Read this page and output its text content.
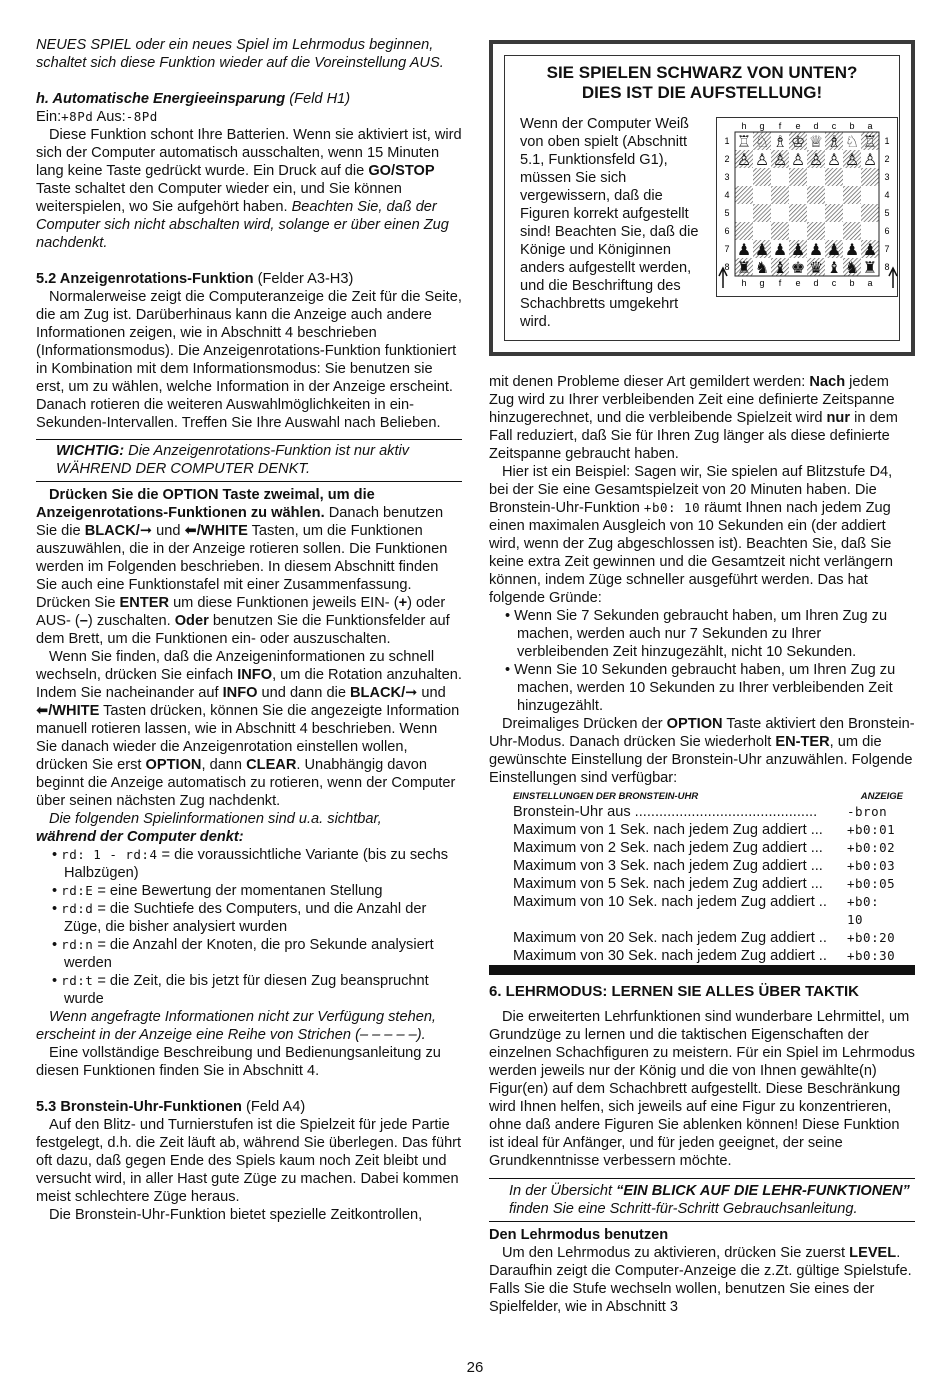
NEUES SPIEL oder ein neues Spiel im Lehrmodus beginnen, schaltet sich diese Funktion wieder auf die Voreinstellung AUS.

h. Automatische Energieeinsparung (Feld H1)

Ein:+8Pd Aus:-8Pd

Diese Funktion schont Ihre Batterien. Wenn sie aktiviert ist, wird sich der Computer automatisch ausschalten, wenn 15 Minuten lang keine Taste gedrückt wurde. Ein Druck auf die GO/STOP Taste schaltet den Computer wieder ein, und Sie können weiterspielen, wo Sie aufgehört haben. Beachten Sie, daß der Computer sich nicht abschalten wird, solange er über einen Zug nachdenkt.

5.2 Anzeigenrotations-Funktion (Felder A3-H3)

Normalerweise zeigt die Computeranzeige die Zeit für die Seite, die am Zug ist. Darüberhinaus kann die Anzeige auch andere Informationen zeigen, wie in Abschnitt 4 beschrieben (Informationsmodus). Die Anzeigenrotations-Funktion funktioniert in Kombination mit dem Informationsmodus: Sie benutzen sie erst, um zu wählen, welche Information in der Anzeige erscheint. Danach rotieren die weiteren Auswahlmöglichkeiten in ein-Sekunden-Intervallen. Treffen Sie Ihre Auswahl nach Belieben.

WICHTIG: Die Anzeigenrotations-Funktion ist nur aktiv WÄHREND DER COMPUTER DENKT.

Drücken Sie die OPTION Taste zweimal, um die Anzeigenrotations-Funktionen zu wählen. Danach benutzen Sie die BLACK/➞ und ⬅/WHITE Tasten, um die Funktionen auszuwählen, die in der Anzeige rotieren sollen. Die Funktionen werden im Folgenden beschrieben. In diesem Abschnitt finden Sie auch eine Funktionstafel mit einer Zusammenfassung. Drücken Sie ENTER um diese Funktionen jeweils EIN- (+) oder AUS- (–) zuschalten. Oder benutzen Sie die Funktionsfelder auf dem Brett, um die Funktionen ein- oder auszuschalten.

Wenn Sie finden, daß die Anzeigeninformationen zu schnell wechseln, drücken Sie einfach INFO, um die Rotation anzuhalten. Indem Sie nacheinander auf INFO und dann die BLACK/➞ und ⬅/WHITE Tasten drücken, können Sie die angezeigte Information manuell rotieren lassen, wie in Abschnitt 4 beschrieben. Wenn Sie danach wieder die Anzeigenrotation einstellen wollen, drücken Sie erst OPTION, dann CLEAR. Unabhängig davon beginnt die Anzeige automatisch zu rotieren, wenn der Computer über seinen nächsten Zug nachdenkt.

Die folgenden Spielinformationen sind u.a. sichtbar,
während der Computer denkt:

• rd: 1 - rd:4 = die voraussichtliche Variante (bis zu sechs Halbzügen)

• rd:E = eine Bewertung der momentanen Stellung

• rd:d = die Suchtiefe des Computers, und die Anzahl der Züge, die bisher analysiert wurden

• rd:n = die Anzahl der Knoten, die pro Sekunde analysiert werden

• rd:t = die Zeit, die bis jetzt für diesen Zug beanspruchnt wurde

Wenn angefragte Informationen nicht zur Verfügung stehen, erscheint in der Anzeige eine Reihe von Strichen (– – – – –).

Eine vollständige Beschreibung und Bedienungsanleitung zu diesen Funktionen finden Sie in Abschnitt 4.

5.3 Bronstein-Uhr-Funktionen (Feld A4)

Auf den Blitz- und Turnierstufen ist die Spielzeit für jede Partie festgelegt, d.h. die Zeit läuft ab, während Sie überlegen. Das führt oft dazu, daß gegen Ende des Spiels kaum noch Zeit bleibt und versucht wird, in aller Hast gute Züge zu machen. Dabei kommen meist schlechtere Züge heraus.

Die Bronstein-Uhr-Funktion bietet spezielle Zeitkontrollen,

SIE SPIELEN SCHWARZ VON UNTEN?
DIES IST DIE AUFSTELLUNG!
Wenn der Computer Weiß von oben spielt (Abschnitt 5.1, Funktionsfeld G1), müssen Sie sich vergewissern, daß die Figuren korrekt aufgestellt sind! Beachten Sie, daß die Könige und Königinnen anders aufgestellt werden, und die Beschriftung des Schachbretts umgekehrt wird.
h
h
g
g
f
f
e
e
d
d
c
c
b
b
a
a
1	1
2	2
3	3
4	4
5	5
6	6
7	7
8	8
♖ ♘ ♗ ♔ ♕ ♗ ♘ ♖
♙ ♙ ♙ ♙ ♙ ♙ ♙ ♙
♟ ♟ ♟ ♟ ♟ ♟ ♟ ♟
♜ ♞ ♝ ♚ ♛ ♝ ♞ ♜

mit denen Probleme dieser Art gemildert werden: Nach jedem Zug wird zu Ihrer verbleibenden Zeit eine definierte Zeitspanne hinzugerechnet, und die verbleibende Spielzeit wird nur in dem Fall reduziert, daß Sie für Ihren Zug länger als diese definierte Zeitspanne gebraucht haben.

Hier ist ein Beispiel: Sagen wir, Sie spielen auf Blitzstufe D4, bei der Sie eine Gesamtspielzeit von 20 Minuten haben. Die Bronstein-Uhr-Funktion +b0: 10 räumt Ihnen nach jedem Zug einen maximalen Ausgleich von 10 Sekunden ein (der addiert wird, wenn der Zug abgeschlossen ist). Beachten Sie, daß Sie keine extra Zeit gewinnen und die Gesamtzeit nicht verlängern können, indem Züge schneller ausgeführt werden. Das hat folgende Gründe:

• Wenn Sie 7 Sekunden gebraucht haben, um Ihren Zug zu machen, werden auch nur 7 Sekunden zu Ihrer verbleibenden Zeit hinzugezählt, nicht 10 Sekunden.

• Wenn Sie 10 Sekunden gebraucht haben, um Ihren Zug zu machen, werden 10 Sekunden zu Ihrer verbleibenden Zeit hinzugezählt.

Dreimaliges Drücken der OPTION Taste aktiviert den Bronstein-Uhr-Modus. Danach drücken Sie wiederholt EN-TER, um die gewünschte Einstellung der Bronstein-Uhr anzuwählen. Folgende Einstellungen sind verfügbar:

EINSTELLUNGEN DER BRONSTEIN-UHR	ANZEIGE
Bronstein-Uhr aus ............................................. -bron
Maximum von 1 Sek. nach jedem Zug addiert ... +b0:01
Maximum von 2 Sek. nach jedem Zug addiert ... +b0:02
Maximum von 3 Sek. nach jedem Zug addiert ... +b0:03
Maximum von 5 Sek. nach jedem Zug addiert ... +b0:05
Maximum von 10 Sek. nach jedem Zug addiert .. +b0: 10
Maximum von 20 Sek. nach jedem Zug addiert .. +b0:20
Maximum von 30 Sek. nach jedem Zug addiert .. +b0:30
6. LEHRMODUS: LERNEN SIE ALLES ÜBER TAKTIK

Die erweiterten Lehrfunktionen sind wunderbare Lehrmittel, um Grundzüge zu lernen und die taktischen Eigenschaften der einzelnen Schachfiguren zu meistern. Für ein Spiel im Lehrmodus werden jeweils nur der König und die von Ihnen gewählte(n) Figur(en) auf dem Schachbrett aufgestellt. Diese Beschränkung wird Ihnen helfen, sich jeweils auf eine Figur zu konzentrieren, ohne daß andere Figuren Sie ablenken können! Diese Funktion ist ideal für Anfänger, und für jeden geeignet, der seine Grundkenntnisse verbessern möchte.

In der Übersicht “EIN BLICK AUF DIE LEHR-FUNKTIONEN” finden Sie eine Schritt-für-Schritt Gebrauchsanleitung.

Den Lehrmodus benutzen

Um den Lehrmodus zu aktivieren, drücken Sie zuerst LEVEL. Daraufhin zeigt die Computer-Anzeige die z.Zt. gültige Spielstufe. Falls Sie die Stufe wechseln wollen, benutzen Sie eines der Spielfelder, wie in Abschnitt 3

26
